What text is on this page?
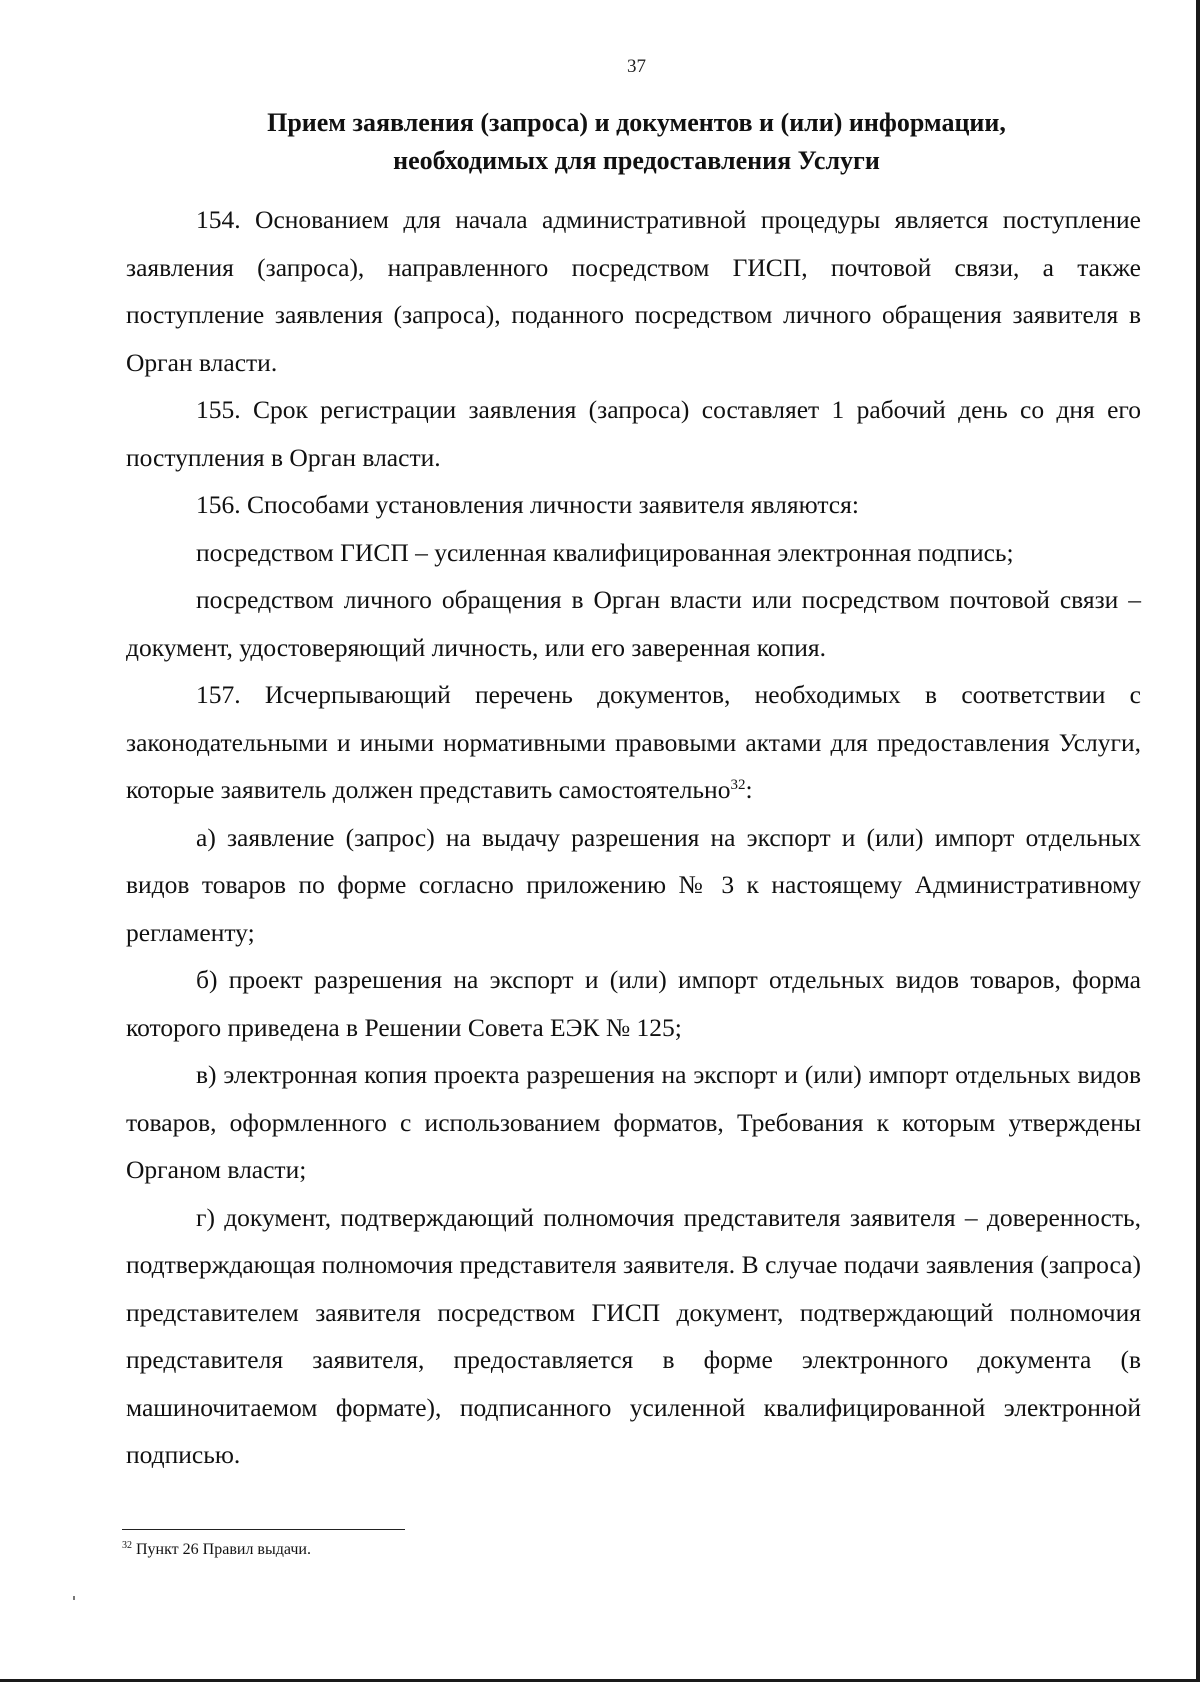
37
Прием заявления (запроса) и документов и (или) информации,
необходимых для предоставления Услуги

154. Основанием для начала административной процедуры является поступление заявления (запроса), направленного посредством ГИСП, почтовой связи, а также поступление заявления (запроса), поданного посредством личного обращения заявителя в Орган власти.

155. Срок регистрации заявления (запроса) составляет 1 рабочий день со дня его поступления в Орган власти.

156. Способами установления личности заявителя являются:

посредством ГИСП – усиленная квалифицированная электронная подпись;

посредством личного обращения в Орган власти или посредством почтовой связи – документ, удостоверяющий личность, или его заверенная копия.

157. Исчерпывающий перечень документов, необходимых в соответствии с законодательными и иными нормативными правовыми актами для предоставления Услуги, которые заявитель должен представить самостоятельно$^{32}$:

а) заявление (запрос) на выдачу разрешения на экспорт и (или) импорт отдельных видов товаров по форме согласно приложению № 3 к настоящему Административному регламенту;

б) проект разрешения на экспорт и (или) импорт отдельных видов товаров, форма которого приведена в Решении Совета ЕЭК № 125;

в) электронная копия проекта разрешения на экспорт и (или) импорт отдельных видов товаров, оформленного с использованием форматов, Требования к которым утверждены Органом власти;

г) документ, подтверждающий полномочия представителя заявителя – доверенность, подтверждающая полномочия представителя заявителя. В случае подачи заявления (запроса) представителем заявителя посредством ГИСП документ, подтверждающий полномочия представителя заявителя, предоставляется в форме электронного документа (в машиночитаемом формате), подписанного усиленной квалифицированной электронной подписью.

$^{32}$ Пункт 26 Правил выдачи.
